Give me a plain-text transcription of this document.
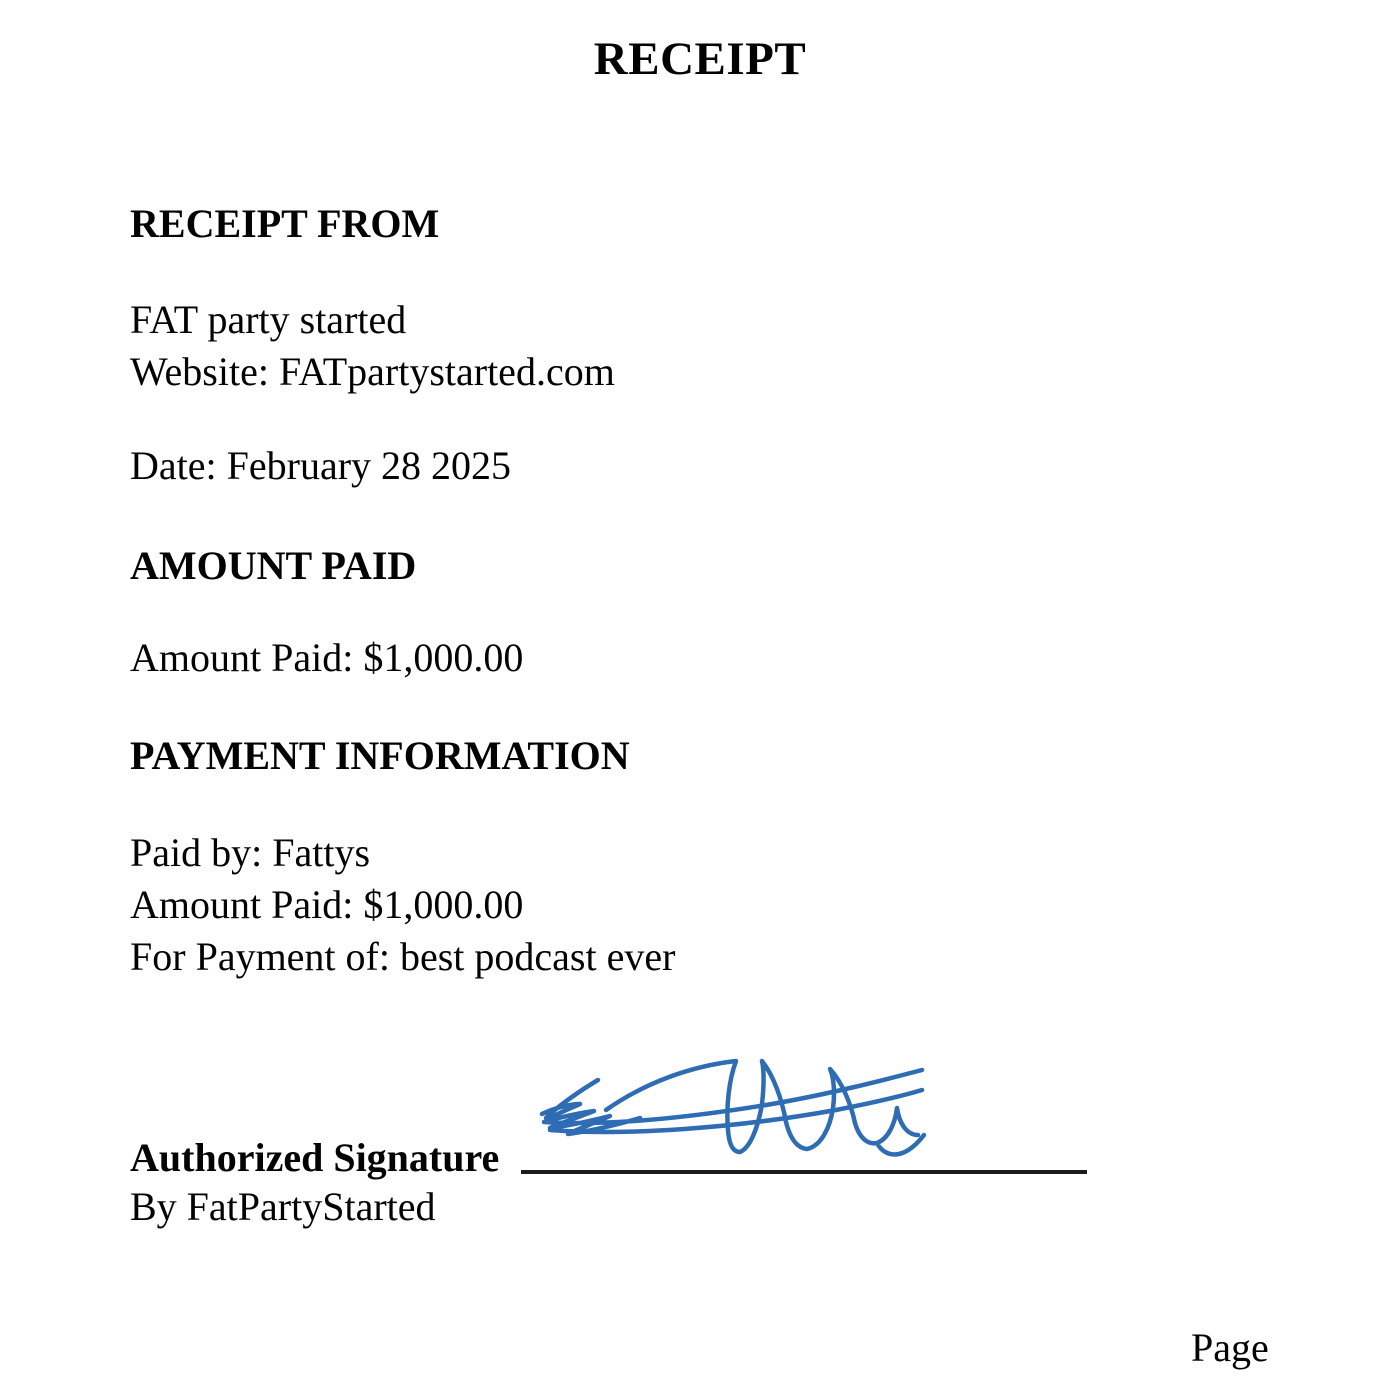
RECEIPT
RECEIPT FROM
FAT party started
Website: FATpartystarted.com
Date: February 28 2025
AMOUNT PAID
Amount Paid: $1,000.00
PAYMENT INFORMATION
Paid by: Fattys
Amount Paid: $1,000.00
For Payment of: best podcast ever
Authorized Signature
By FatPartyStarted
Page
